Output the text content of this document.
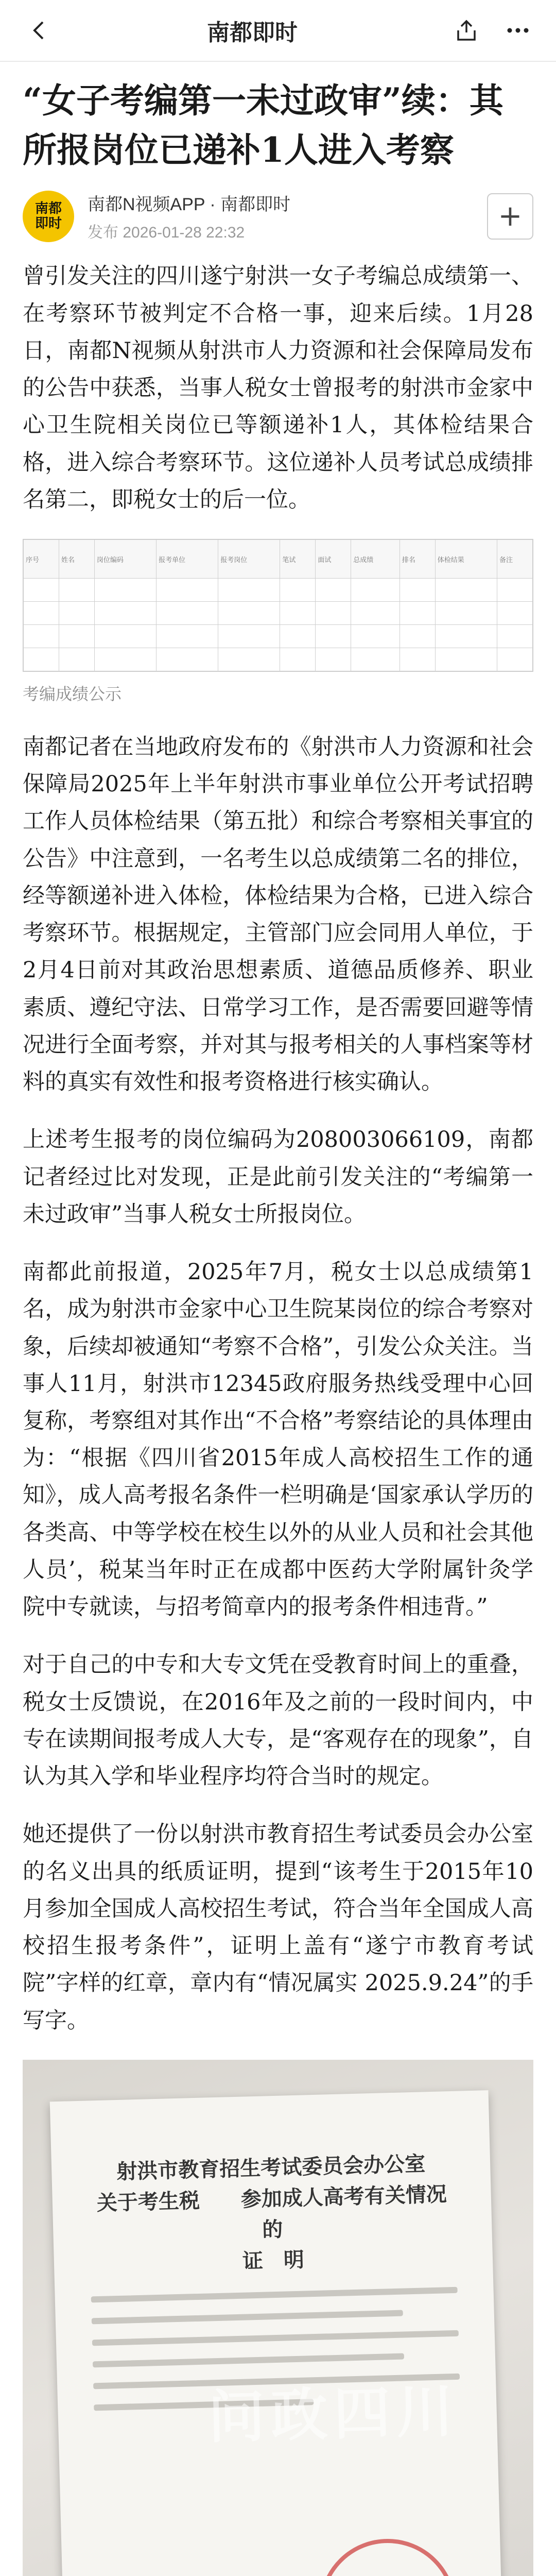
南都即时
“女子考编第一未过政审”续：其所报岗位已递补1人进入考察
南都
即时
南都N视频APP · 南都即时
发布 2026-01-28 22:32	+

曾引发关注的四川遂宁射洪一女子考编总成绩第一、在考察环节被判定不合格一事，迎来后续。1月28日，南都N视频从射洪市人力资源和社会保障局发布的公告中获悉，当事人税女士曾报考的射洪市金家中心卫生院相关岗位已等额递补1人，其体检结果合格，进入综合考察环节。这位递补人员考试总成绩排名第二，即税女士的后一位。

序号	姓名	岗位编码	报考单位	报考岗位	笔试	面试	总成绩	排名	体检结果	备注

考编成绩公示

南都记者在当地政府发布的《射洪市人力资源和社会保障局2025年上半年射洪市事业单位公开考试招聘工作人员体检结果（第五批）和综合考察相关事宜的公告》中注意到，一名考生以总成绩第二名的排位，经等额递补进入体检，体检结果为合格，已进入综合考察环节。根据规定，主管部门应会同用人单位，于2月4日前对其政治思想素质、道德品质修养、职业素质、遵纪守法、日常学习工作，是否需要回避等情况进行全面考察，并对其与报考相关的人事档案等材料的真实有效性和报考资格进行核实确认。

上述考生报考的岗位编码为208003066109，南都记者经过比对发现，正是此前引发关注的“考编第一未过政审”当事人税女士所报岗位。

南都此前报道，2025年7月，税女士以总成绩第1名，成为射洪市金家中心卫生院某岗位的综合考察对象，后续却被通知“考察不合格”，引发公众关注。当事人11月，射洪市12345政府服务热线受理中心回复称，考察组对其作出“不合格”考察结论的具体理由为：“根据《四川省2015年成人高校招生工作的通知》，成人高考报名条件一栏明确是‘国家承认学历的各类高、中等学校在校生以外的从业人员和社会其他人员’，税某当年时正在成都中医药大学附属针灸学院中专就读，与招考简章内的报考条件相违背。”

对于自己的中专和大专文凭在受教育时间上的重叠，税女士反馈说，在2016年及之前的一段时间内，中专在读期间报考成人大专，是“客观存在的现象”，自认为其入学和毕业程序均符合当时的规定。

她还提供了一份以射洪市教育招生考试委员会办公室的名义出具的纸质证明，提到“该考生于2015年10月参加全国成人高校招生考试，符合当年全国成人高校招生报考条件”，证明上盖有“遂宁市教育考试院”字样的红章，章内有“情况属实 2025.9.24”的手写字。

射洪市教育招生考试委员会办公室
关于考生税　　参加成人高考有关情况的
证　明
问政四川
